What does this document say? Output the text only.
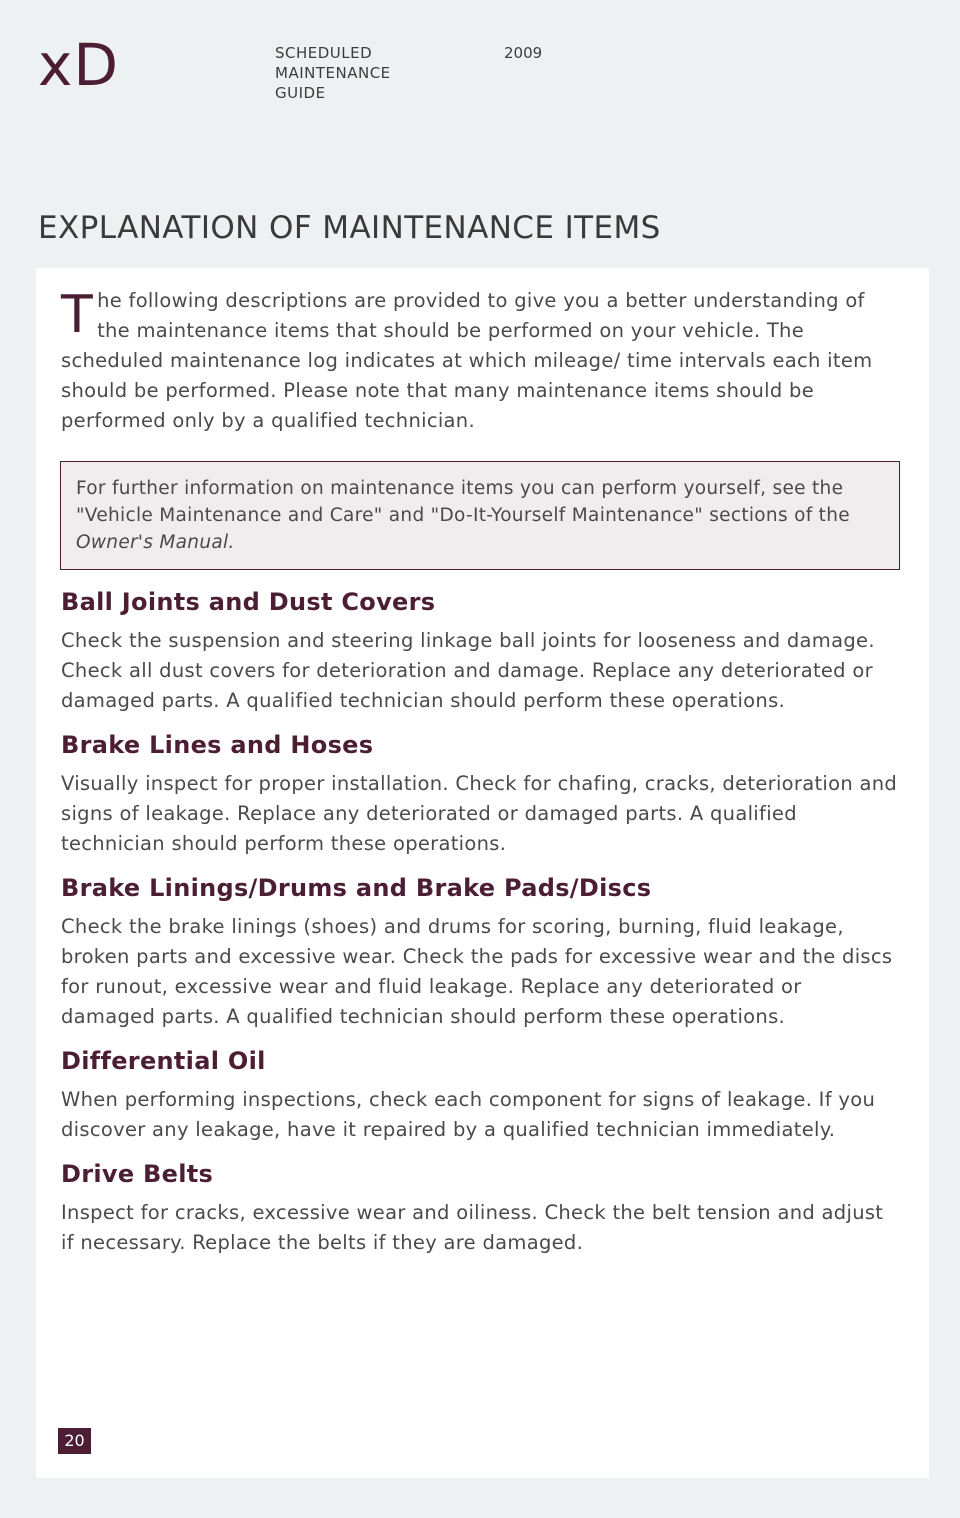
xD	SCHEDULED
MAINTENANCE
GUIDE
2009
EXPLANATION OF MAINTENANCE ITEMS

The following descriptions are provided to give you a better understanding of the maintenance items that should be performed on your vehicle. The scheduled maintenance log indicates at which mileage/ time intervals each item should be performed. Please note that many maintenance items should be performed only by a qualified technician.

For further information on maintenance items you can perform yourself, see the "Vehicle Maintenance and Care" and "Do-It-Yourself Maintenance" sections of the Owner's Manual.
Ball Joints and Dust Covers

Check the suspension and steering linkage ball joints for looseness and damage. Check all dust covers for deterioration and damage. Replace any deteriorated or damaged parts. A qualified technician should perform these operations.

Brake Lines and Hoses

Visually inspect for proper installation. Check for chafing, cracks, deterioration and signs of leakage. Replace any deteriorated or damaged parts. A qualified technician should perform these operations.

Brake Linings/Drums and Brake Pads/Discs

Check the brake linings (shoes) and drums for scoring, burning, fluid leakage, broken parts and excessive wear. Check the pads for excessive wear and the discs for runout, excessive wear and fluid leakage. Replace any deteriorated or damaged parts. A qualified technician should perform these operations.

Differential Oil

When performing inspections, check each component for signs of leakage. If you discover any leakage, have it repaired by a qualified technician immediately.

Drive Belts

Inspect for cracks, excessive wear and oiliness. Check the belt tension and adjust if necessary. Replace the belts if they are damaged.

20
